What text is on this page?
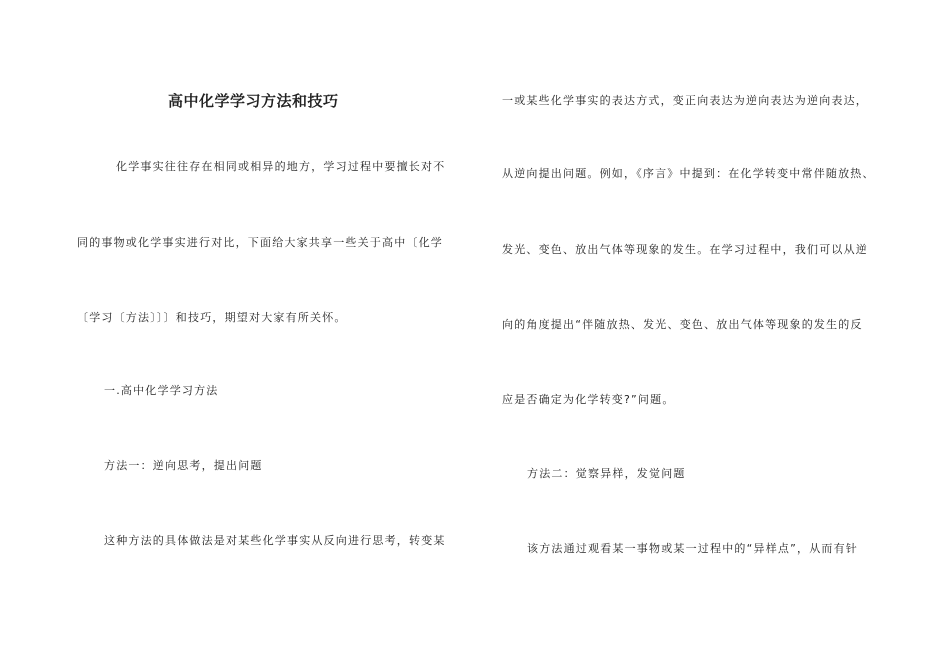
高中化学学习方法和技巧
化学事实往往存在相同或相异的地方，学习过程中要擅长对不
同的事物或化学事实进行对比，下面给大家共享一些关于高中〔化学
〔学习〔方法〕〕〕和技巧，期望对大家有所关怀。
一.高中化学学习方法
方法一：逆向思考，提出问题
这种方法的具体做法是对某些化学事实从反向进行思考，转变某
一或某些化学事实的表达方式，变正向表达为逆向表达为逆向表达，
从逆向提出问题。例如，《序言》中提到：在化学转变中常伴随放热、
发光、变色、放出气体等现象的发生。在学习过程中，我们可以从逆
向的角度提出“伴随放热、发光、变色、放出气体等现象的发生的反
应是否确定为化学转变?”问题。
方法二：觉察异样，发觉问题
该方法通过观看某一事物或某一过程中的“异样点”，从而有针
